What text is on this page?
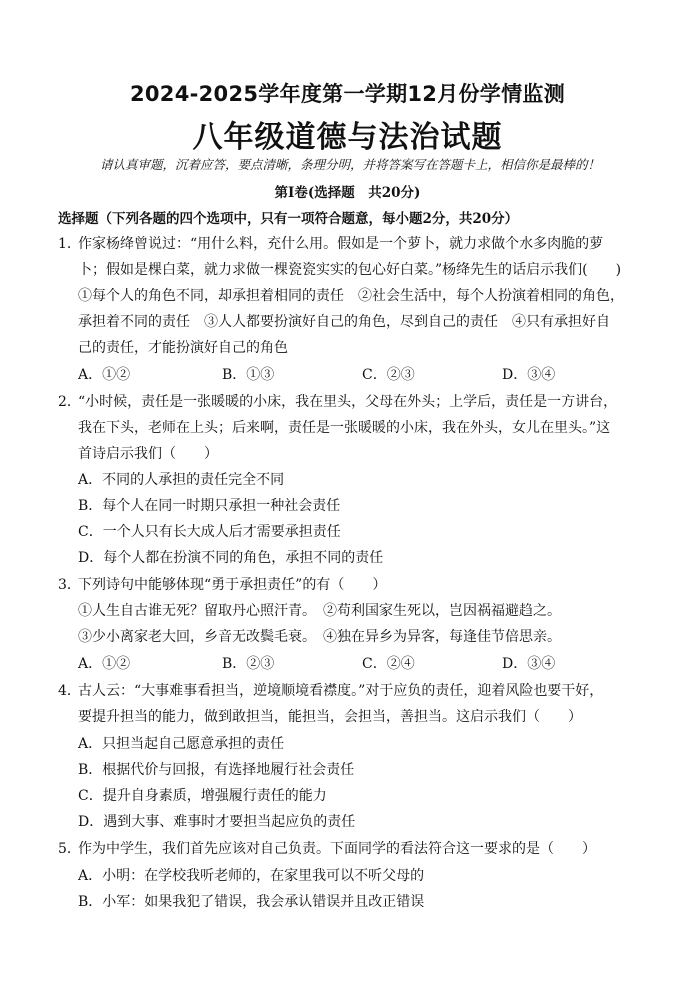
2024-2025学年度第一学期12月份学情监测
八年级道德与法治试题
请认真审题，沉着应答，要点清晰，条理分明，并将答案写在答题卡上，相信你是最棒的！
第Ⅰ卷(选择题　共20分)
选择题（下列各题的四个选项中，只有一项符合题意，每小题2分，共20分）
1．
作家杨绛曾说过：“用什么料，充什么用。假如是一个萝卜，就力求做个水多肉脆的萝
卜；假如是棵白菜，就力求做一棵瓷瓷实实的包心好白菜。”杨绛先生的话启示我们(　　)
①每个人的角色不同，却承担着相同的责任　②社会生活中，每个人扮演着相同的角色，
承担着不同的责任　③人人都要扮演好自己的角色，尽到自己的责任　④只有承担好自
己的责任，才能扮演好自己的角色
A．①②	B．①③	C．②③	D．③④
2．
“小时候，责任是一张暖暖的小床，我在里头，父母在外头；上学后，责任是一方讲台，
我在下头，老师在上头；后来啊，责任是一张暖暖的小床，我在外头，女儿在里头。”这
首诗启示我们（　　）
A．不同的人承担的责任完全不同
B．每个人在同一时期只承担一种社会责任
C．一个人只有长大成人后才需要承担责任
D．每个人都在扮演不同的角色，承担不同的责任
3．
下列诗句中能够体现“勇于承担责任”的有（　　）
①人生自古谁无死？留取丹心照汗青。　②苟利国家生死以，岂因祸福避趋之。
③少小离家老大回，乡音无改鬓毛衰。　④独在异乡为异客，每逢佳节倍思亲。
A．①②	B．②③	C．②④	D．③④
4．
古人云：“大事难事看担当，逆境顺境看襟度。”对于应负的责任，迎着风险也要干好，
要提升担当的能力，做到敢担当，能担当，会担当，善担当。这启示我们（　　）
A．只担当起自己愿意承担的责任
B．根据代价与回报，有选择地履行社会责任
C．提升自身素质，增强履行责任的能力
D．遇到大事、难事时才要担当起应负的责任
5．
作为中学生，我们首先应该对自己负责。下面同学的看法符合这一要求的是（　　）
A．小明：在学校我听老师的，在家里我可以不听父母的
B．小军：如果我犯了错误，我会承认错误并且改正错误
